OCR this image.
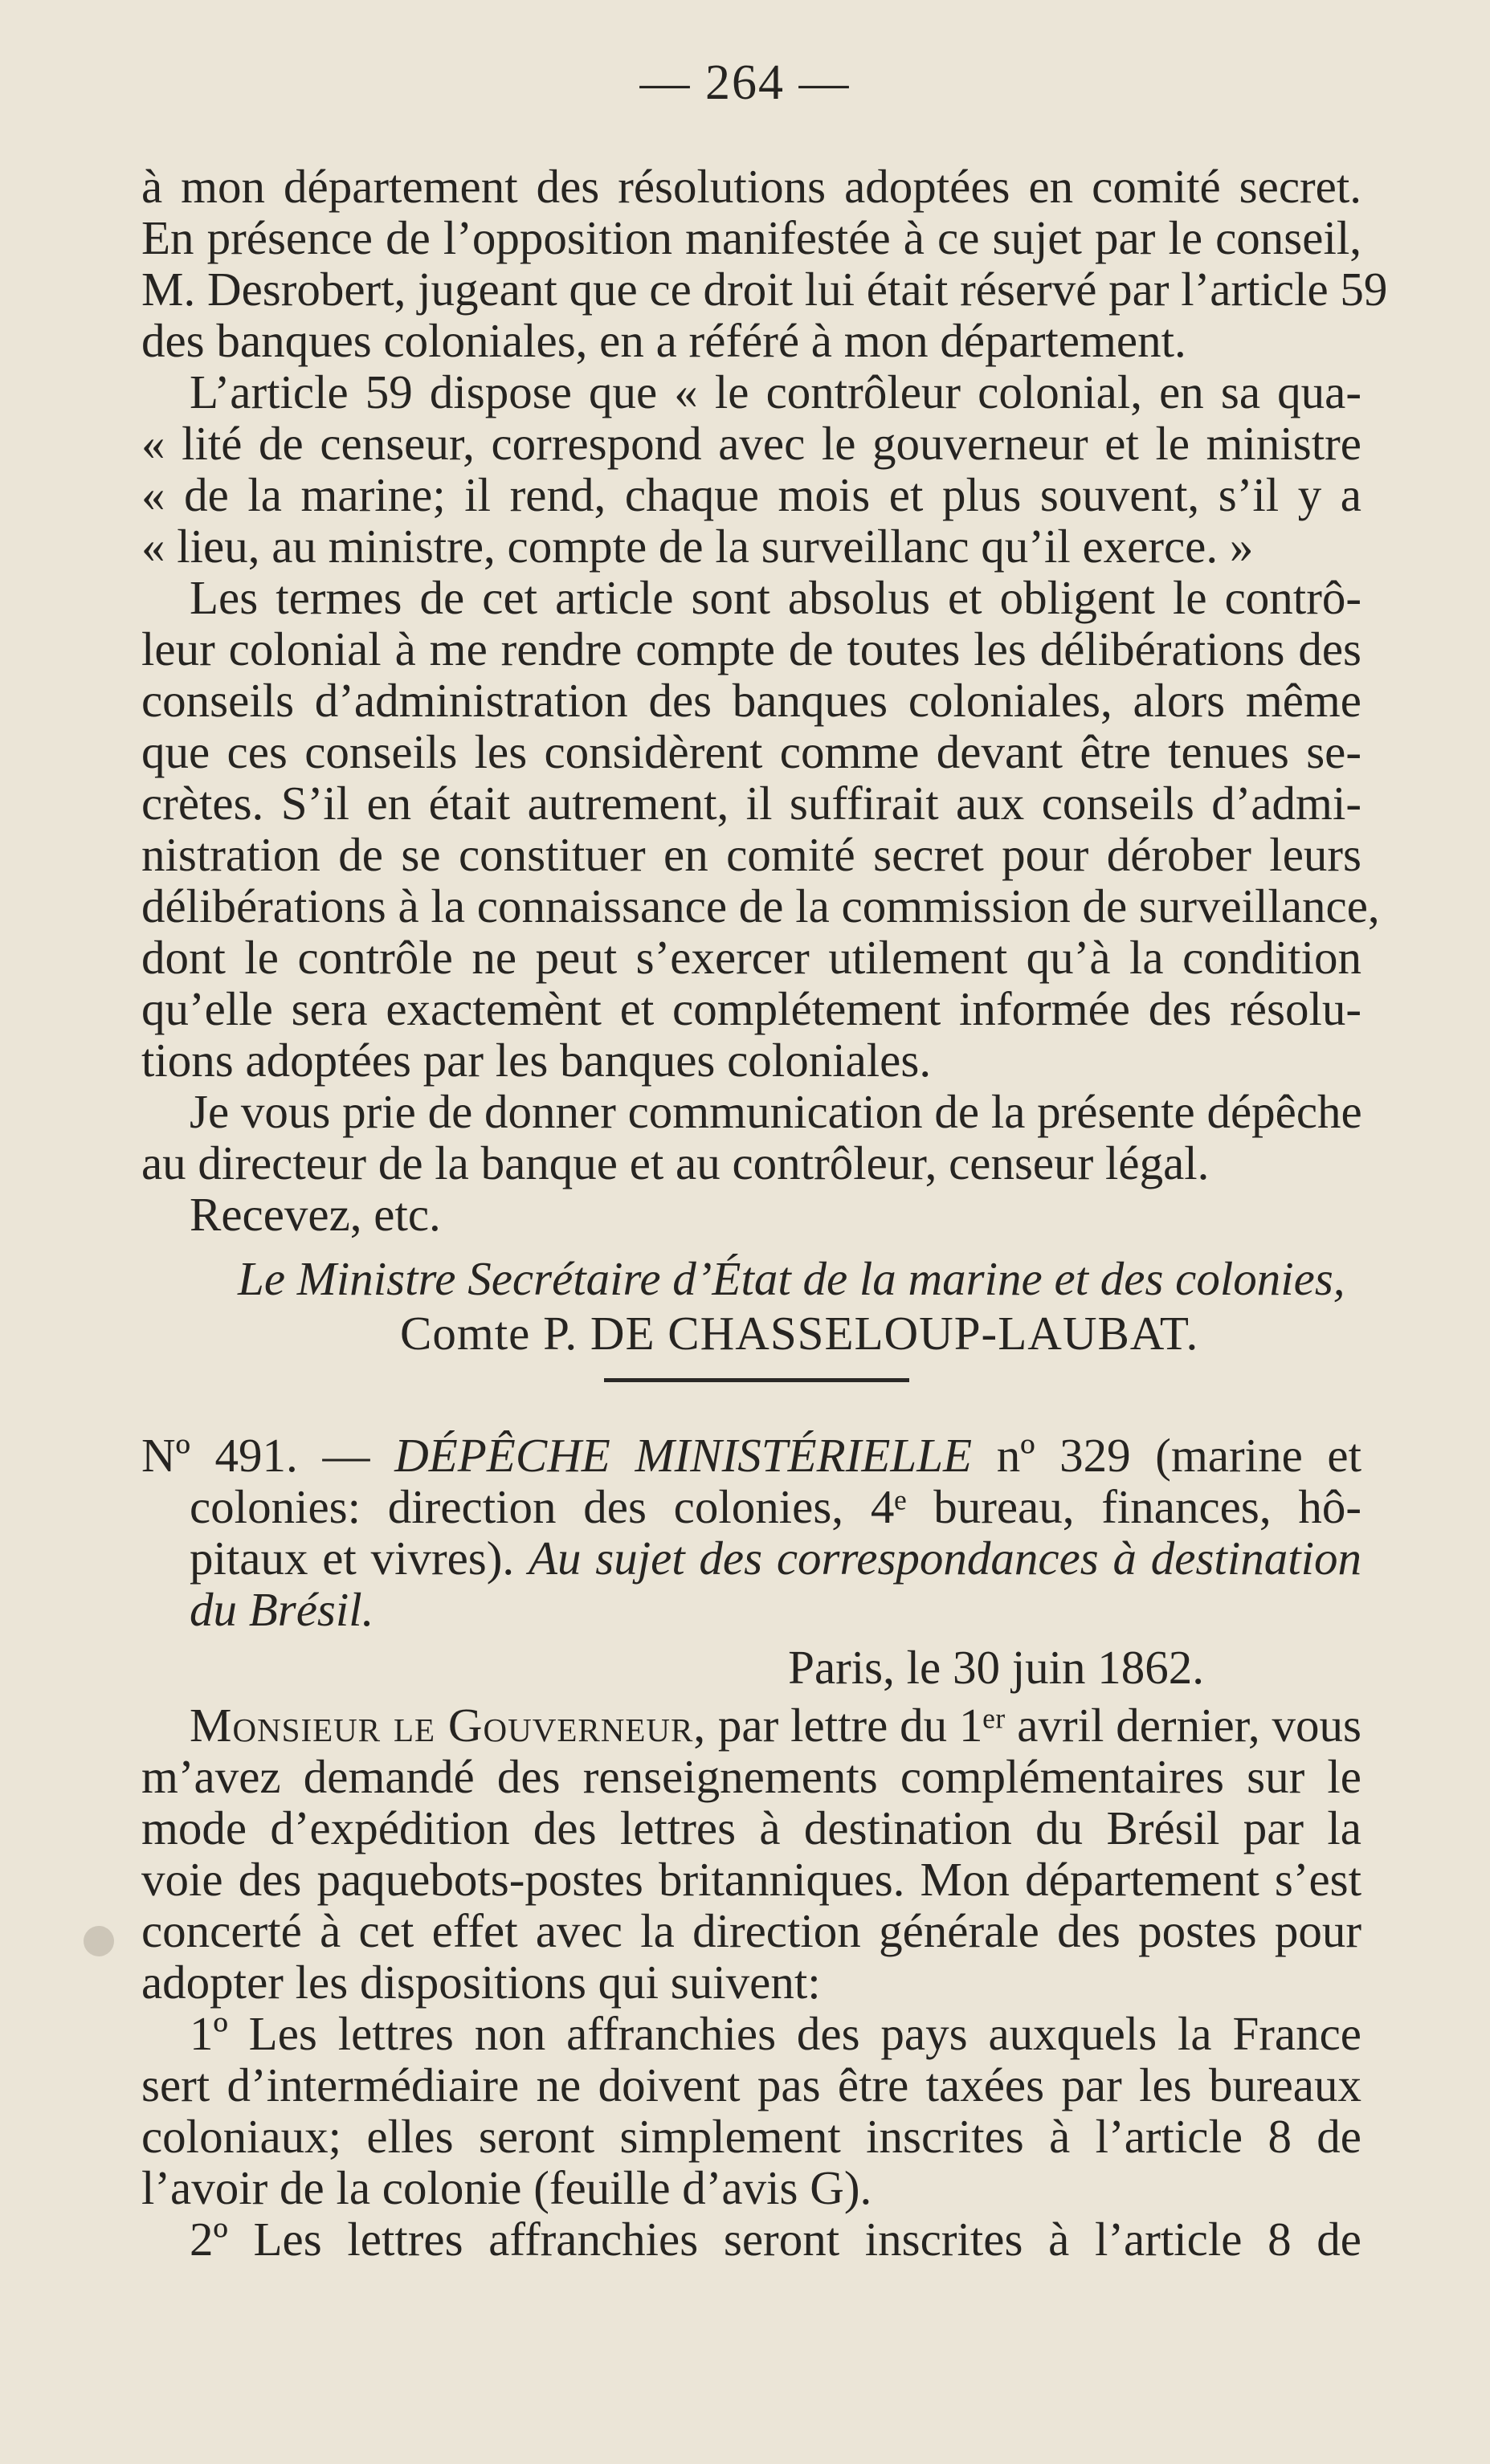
— 264 —
à mon département des résolutions adoptées en comité secret.
En présence de l’opposition manifestée à ce sujet par le conseil,
M. Desrobert, jugeant que ce droit lui était réservé par l’article 59
des banques coloniales, en a référé à mon département.
L’article 59 dispose que « le contrôleur colonial, en sa qua-
« lité de censeur, correspond avec le gouverneur et le ministre
« de la marine; il rend, chaque mois et plus souvent, s’il y a
« lieu, au ministre, compte de la surveillanc qu’il exerce. »
Les termes de cet article sont absolus et obligent le contrô-
leur colonial à me rendre compte de toutes les délibérations des
conseils d’administration des banques coloniales, alors même
que ces conseils les considèrent comme devant être tenues se-
crètes. S’il en était autrement, il suffirait aux conseils d’admi-
nistration de se constituer en comité secret pour dérober leurs
délibérations à la connaissance de la commission de surveillance,
dont le contrôle ne peut s’exercer utilement qu’à la condition
qu’elle sera exactemènt et complétement informée des résolu-
tions adoptées par les banques coloniales.
Je vous prie de donner communication de la présente dépêche
au directeur de la banque et au contrôleur, censeur légal.
Recevez, etc.
Le Ministre Secrétaire d’État de la marine et des colonies,
Comte P. DE CHASSELOUP-LAUBAT.
Nº 491. — DÉPÊCHE MINISTÉRIELLE nº 329 (marine et
colonies: direction des colonies, 4ᵉ bureau, finances, hô-
pitaux et vivres). Au sujet des correspondances à destination
du Brésil.
Paris, le 30 juin 1862.
Monsieur le Gouverneur, par lettre du 1ᵉʳ avril dernier, vous
m’avez demandé des renseignements complémentaires sur le
mode d’expédition des lettres à destination du Brésil par la
voie des paquebots-postes britanniques. Mon département s’est
concerté à cet effet avec la direction générale des postes pour
adopter les dispositions qui suivent:
1º Les lettres non affranchies des pays auxquels la France
sert d’intermédiaire ne doivent pas être taxées par les bureaux
coloniaux; elles seront simplement inscrites à l’article 8 de
l’avoir de la colonie (feuille d’avis G).
2º Les lettres affranchies seront inscrites à l’article 8 de
